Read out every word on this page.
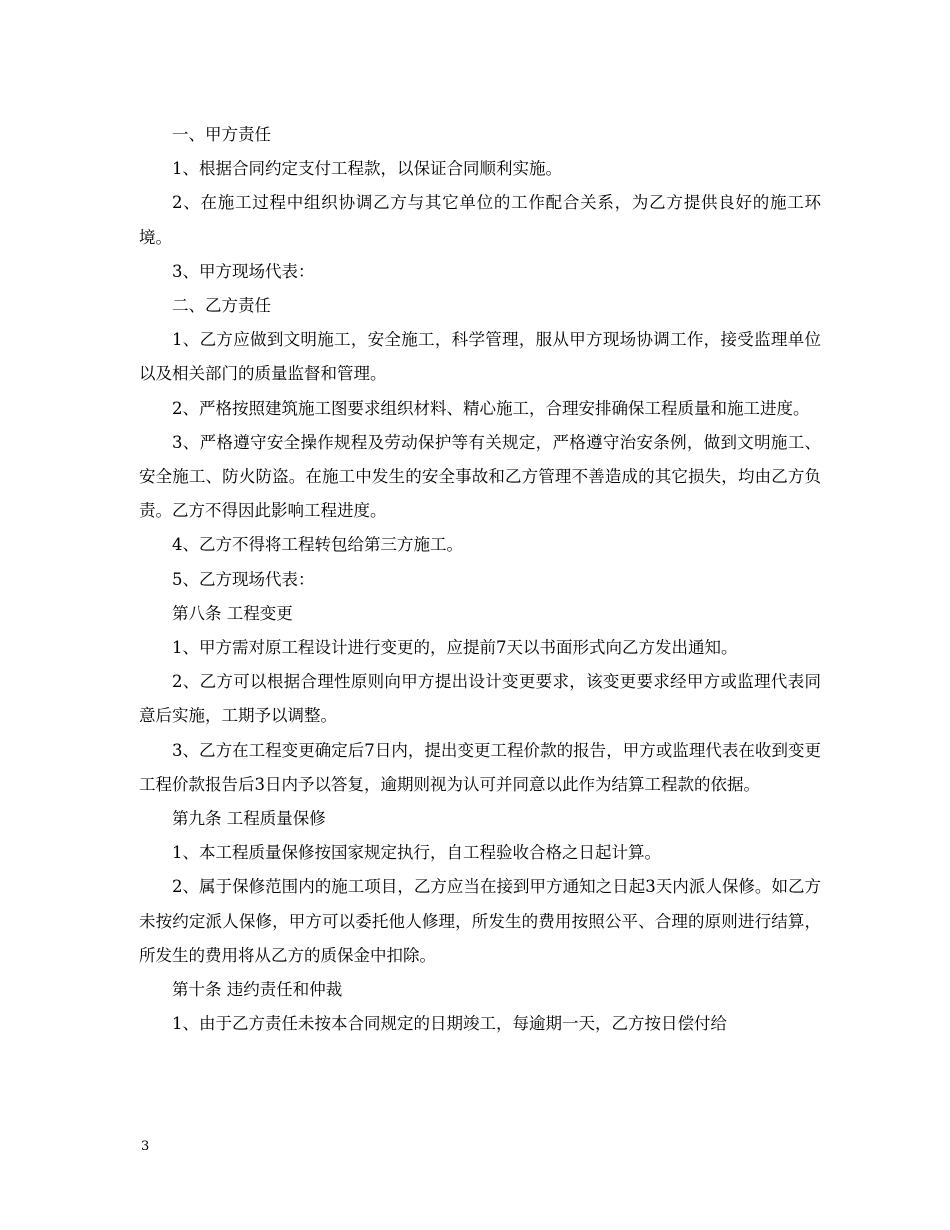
一、甲方责任

1、根据合同约定支付工程款，以保证合同顺利实施。

2、在施工过程中组织协调乙方与其它单位的工作配合关系，为乙方提供良好的施工环境。

3、甲方现场代表：

二、乙方责任

1、乙方应做到文明施工，安全施工，科学管理，服从甲方现场协调工作，接受监理单位以及相关部门的质量监督和管理。

2、严格按照建筑施工图要求组织材料、精心施工，合理安排确保工程质量和施工进度。

3、严格遵守安全操作规程及劳动保护等有关规定，严格遵守治安条例，做到文明施工、安全施工、防火防盗。在施工中发生的安全事故和乙方管理不善造成的其它损失，均由乙方负责。乙方不得因此影响工程进度。

4、乙方不得将工程转包给第三方施工。

5、乙方现场代表：

第八条 工程变更

1、甲方需对原工程设计进行变更的，应提前7天以书面形式向乙方发出通知。

2、乙方可以根据合理性原则向甲方提出设计变更要求，该变更要求经甲方或监理代表同意后实施，工期予以调整。

3、乙方在工程变更确定后7日内，提出变更工程价款的报告，甲方或监理代表在收到变更工程价款报告后3日内予以答复，逾期则视为认可并同意以此作为结算工程款的依据。

第九条 工程质量保修

1、本工程质量保修按国家规定执行，自工程验收合格之日起计算。

2、属于保修范围内的施工项目，乙方应当在接到甲方通知之日起3天内派人保修。如乙方未按约定派人保修，甲方可以委托他人修理，所发生的费用按照公平、合理的原则进行结算，所发生的费用将从乙方的质保金中扣除。

第十条 违约责任和仲裁

1、由于乙方责任未按本合同规定的日期竣工，每逾期一天，乙方按日偿付给

3
